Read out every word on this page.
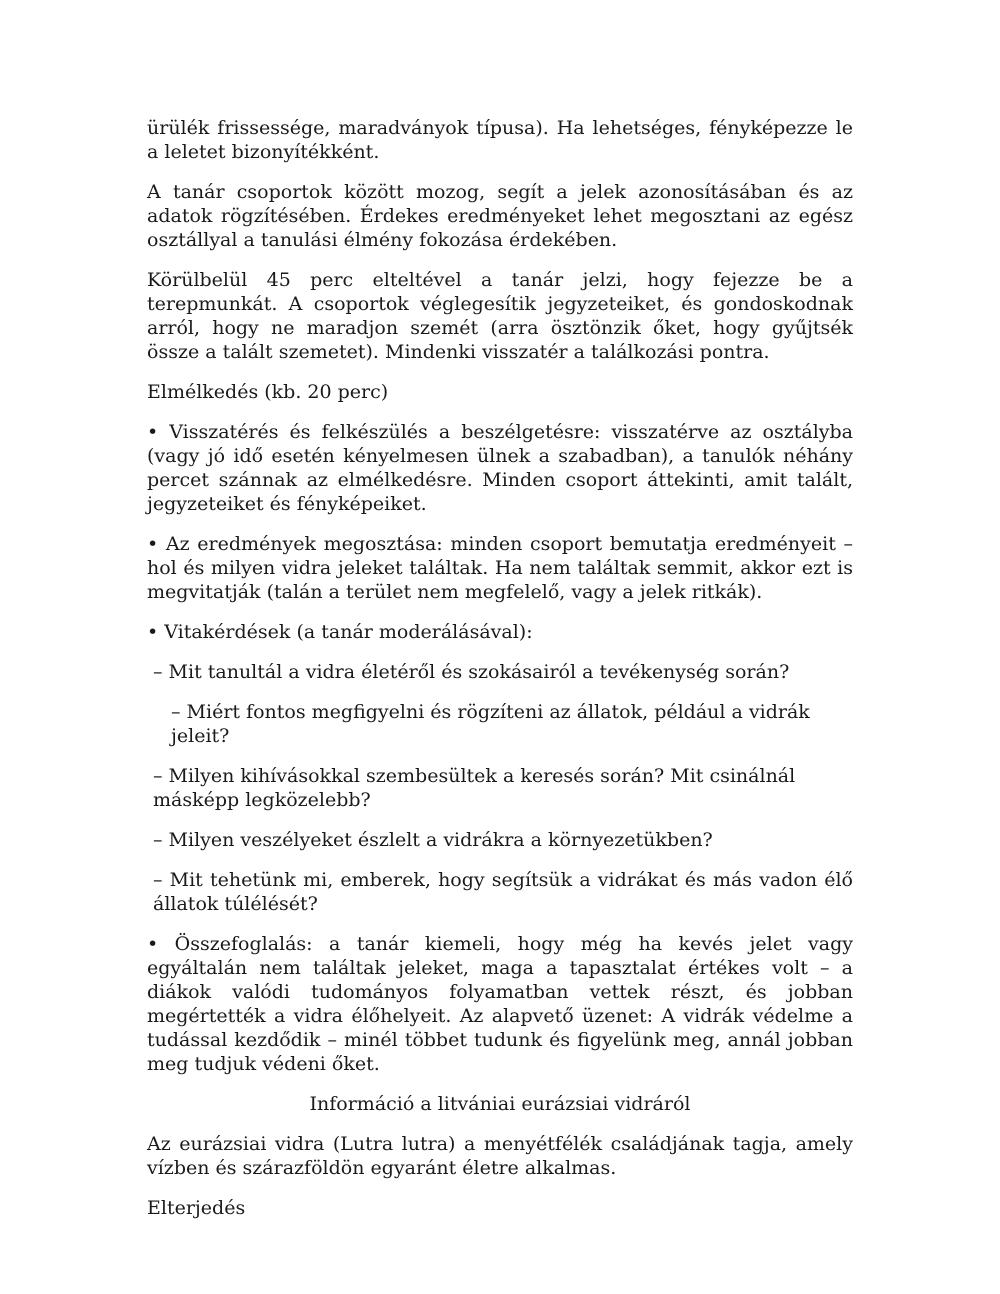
ürülék frissessége, maradványok típusa). Ha lehetséges, fényképezze le a leletet bizonyítékként.

A tanár csoportok között mozog, segít a jelek azonosításában és az adatok rögzítésében. Érdekes eredményeket lehet megosztani az egész osztállyal a tanulási élmény fokozása érdekében.

Körülbelül 45 perc elteltével a tanár jelzi, hogy fejezze be a terepmunkát. A csoportok véglegesítik jegyzeteiket, és gondoskodnak arról, hogy ne maradjon szemét (arra ösztönzik őket, hogy gyűjtsék össze a talált szemetet). Mindenki visszatér a találkozási pontra.

Elmélkedés (kb. 20 perc)

• Visszatérés és felkészülés a beszélgetésre: visszatérve az osztályba (vagy jó idő esetén kényelmesen ülnek a szabadban), a tanulók néhány percet szánnak az elmélkedésre. Minden csoport áttekinti, amit talált, jegyzeteiket és fényképeiket.

• Az eredmények megosztása: minden csoport bemutatja eredményeit – hol és milyen vidra jeleket találtak. Ha nem találtak semmit, akkor ezt is megvitatják (talán a terület nem megfelelő, vagy a jelek ritkák).

• Vitakérdések (a tanár moderálásával):

– Mit tanultál a vidra életéről és szokásairól a tevékenység során?

– Miért fontos megfigyelni és rögzíteni az állatok, például a vidrák jeleit?

– Milyen kihívásokkal szembesültek a keresés során? Mit csinálnál másképp legközelebb?

– Milyen veszélyeket észlelt a vidrákra a környezetükben?

– Mit tehetünk mi, emberek, hogy segítsük a vidrákat és más vadon élő állatok túlélését?

• Összefoglalás: a tanár kiemeli, hogy még ha kevés jelet vagy egyáltalán nem találtak jeleket, maga a tapasztalat értékes volt – a diákok valódi tudományos folyamatban vettek részt, és jobban megértették a vidra élőhelyeit. Az alapvető üzenet: A vidrák védelme a tudással kezdődik – minél többet tudunk és figyelünk meg, annál jobban meg tudjuk védeni őket.

Információ a litvániai eurázsiai vidráról

Az eurázsiai vidra (Lutra lutra) a menyétfélék családjának tagja, amely vízben és szárazföldön egyaránt életre alkalmas.

Elterjedés
